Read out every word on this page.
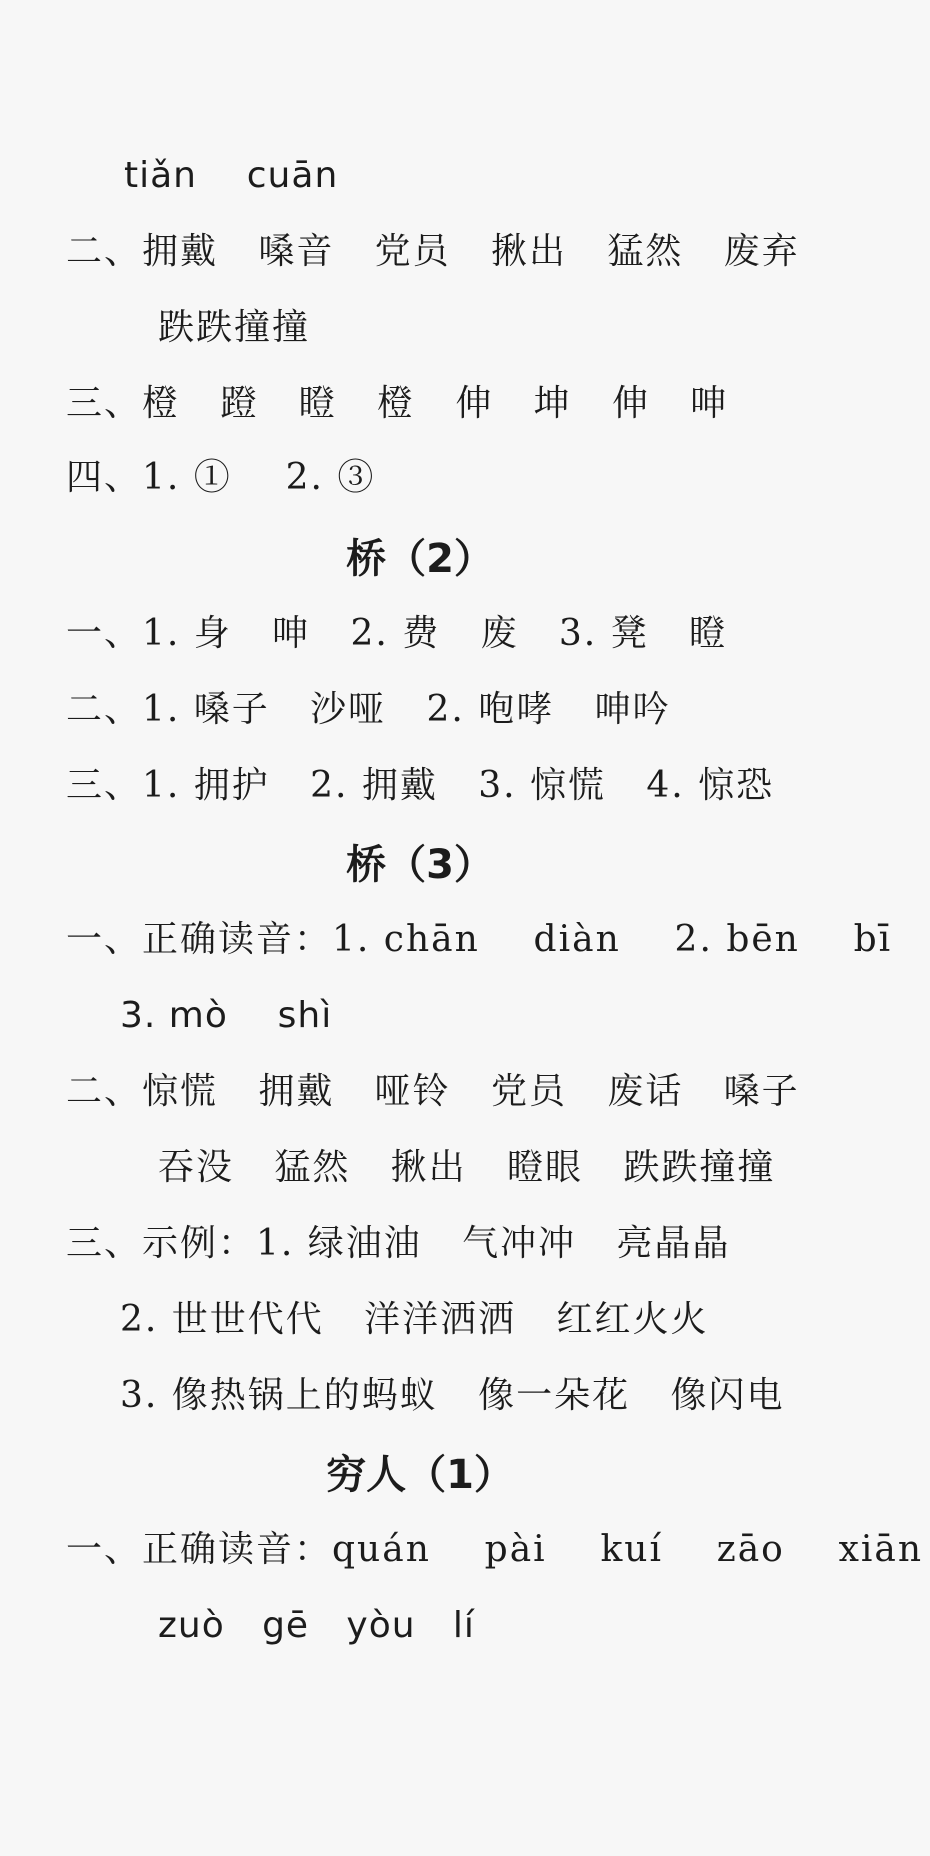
tiǎn    cuān
二、拥戴   嗓音   党员   揪出   猛然   废弃
跌跌撞撞
三、橙   蹬   瞪   橙   伸   坤   伸   呻
四、1. ①    2. ③
桥（2）
一、1. 身   呻   2. 费   废   3. 凳   瞪
二、1. 嗓子   沙哑   2. 咆哮   呻吟
三、1. 拥护   2. 拥戴   3. 惊慌   4. 惊恐
桥（3）
一、正确读音：1. chān    diàn    2. bēn    bī
3. mò    shì
二、惊慌   拥戴   哑铃   党员   废话   嗓子
吞没   猛然   揪出   瞪眼   跌跌撞撞
三、示例：1. 绿油油   气冲冲   亮晶晶
2. 世世代代   洋洋洒洒   红红火火
3. 像热锅上的蚂蚁   像一朵花   像闪电
穷人（1）
一、正确读音：quán    pài    kuí    zāo    xiān
zuò   gē   yòu   lí
